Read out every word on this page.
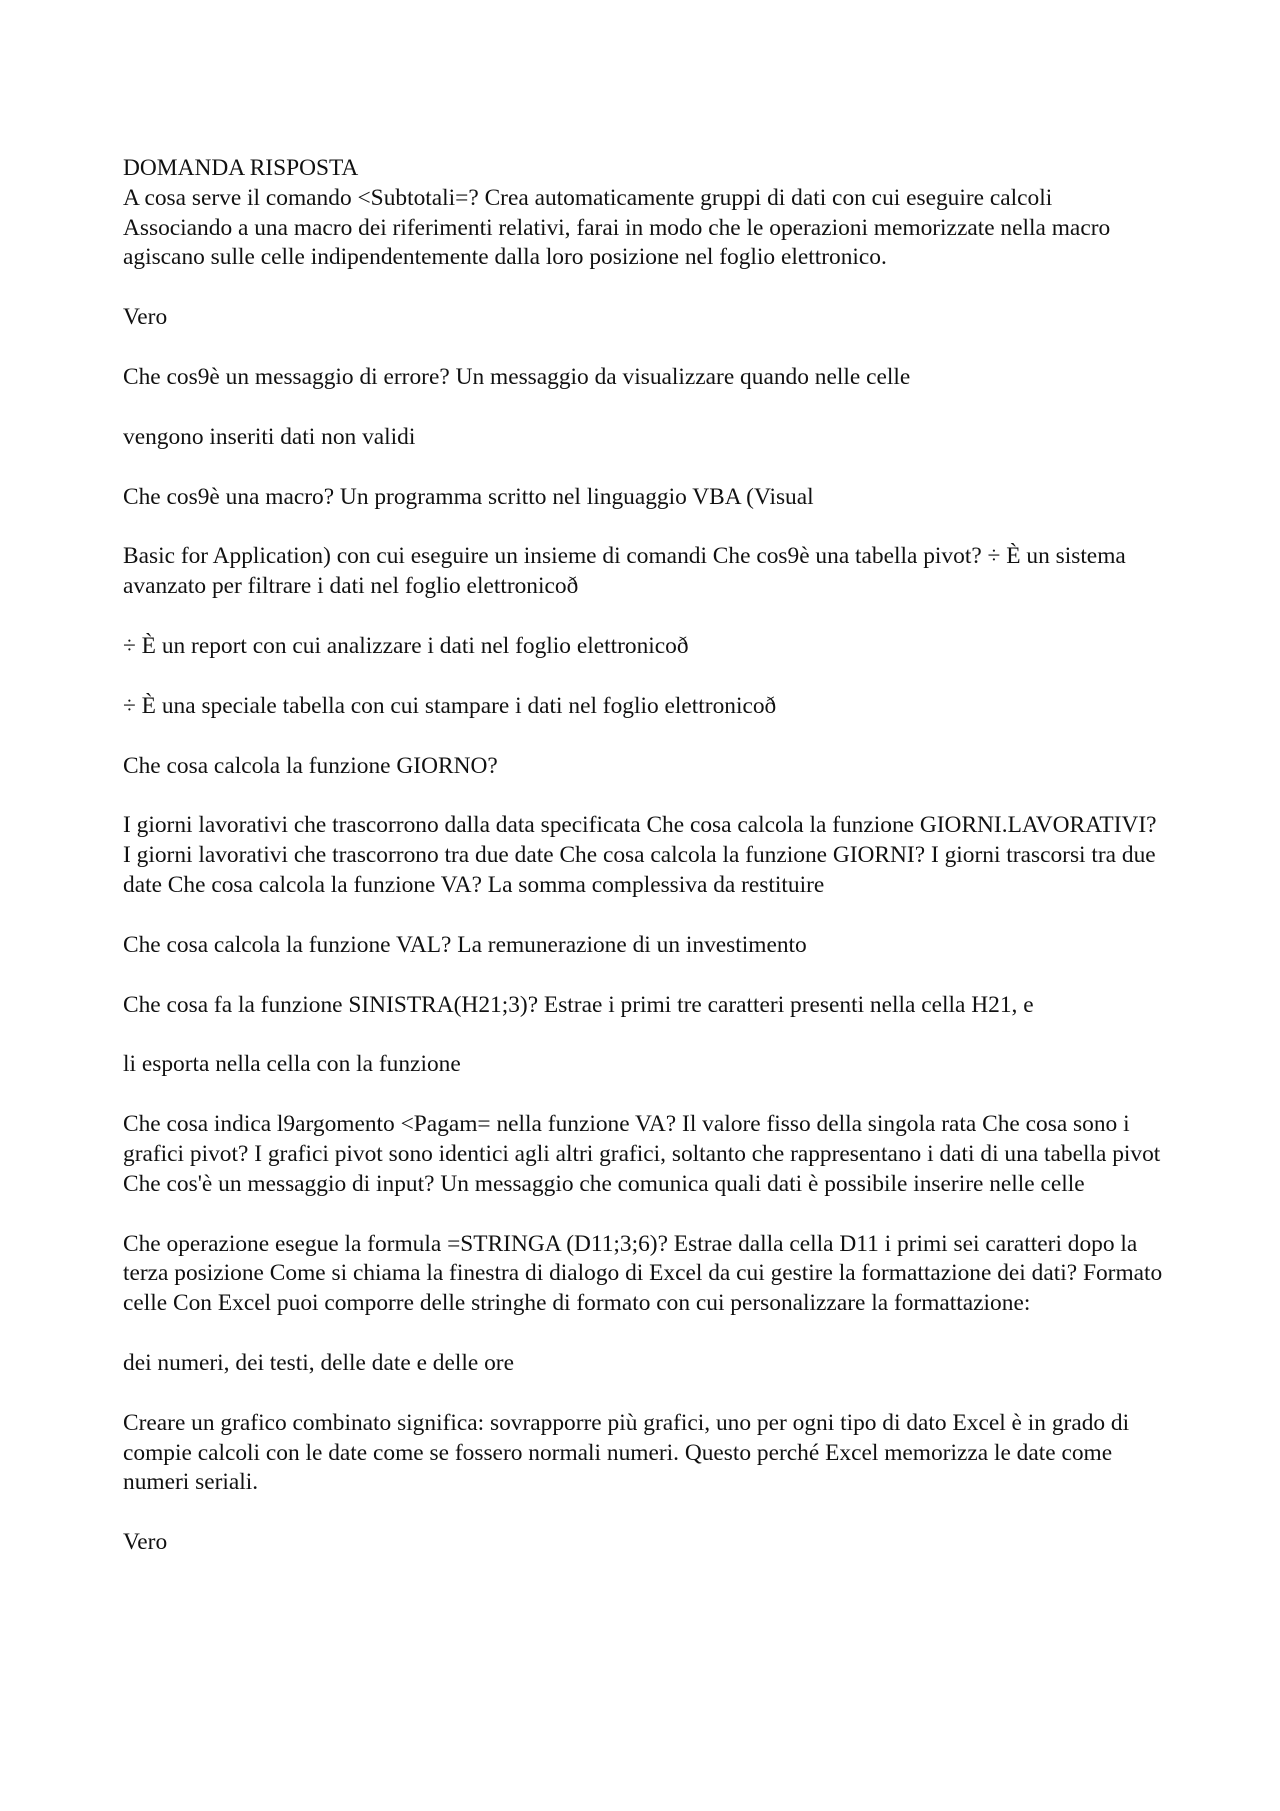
DOMANDA RISPOSTA

A cosa serve il comando <Subtotali=? Crea automaticamente gruppi di dati con cui eseguire calcoli Associando a una macro dei riferimenti relativi, farai in modo che le operazioni memorizzate nella macro agiscano sulle celle indipendentemente dalla loro posizione nel foglio elettronico.

Vero

Che cos9è un messaggio di errore? Un messaggio da visualizzare quando nelle celle

vengono inseriti dati non validi

Che cos9è una macro? Un programma scritto nel linguaggio VBA (Visual

Basic for Application) con cui eseguire un insieme di comandi Che cos9è una tabella pivot? ÷ È un sistema avanzato per filtrare i dati nel foglio elettronicoð

÷ È un report con cui analizzare i dati nel foglio elettronicoð

÷ È una speciale tabella con cui stampare i dati nel foglio elettronicoð

Che cosa calcola la funzione GIORNO?

I giorni lavorativi che trascorrono dalla data specificata Che cosa calcola la funzione GIORNI.LAVORATIVI? I giorni lavorativi che trascorrono tra due date Che cosa calcola la funzione GIORNI? I giorni trascorsi tra due date Che cosa calcola la funzione VA? La somma complessiva da restituire

Che cosa calcola la funzione VAL? La remunerazione di un investimento

Che cosa fa la funzione SINISTRA(H21;3)? Estrae i primi tre caratteri presenti nella cella H21, e

li esporta nella cella con la funzione

Che cosa indica l9argomento <Pagam= nella funzione VA? Il valore fisso della singola rata Che cosa sono i grafici pivot? I grafici pivot sono identici agli altri grafici, soltanto che rappresentano i dati di una tabella pivot Che cos'è un messaggio di input? Un messaggio che comunica quali dati è possibile inserire nelle celle

Che operazione esegue la formula =STRINGA (D11;3;6)? Estrae dalla cella D11 i primi sei caratteri dopo la terza posizione Come si chiama la finestra di dialogo di Excel da cui gestire la formattazione dei dati? Formato celle Con Excel puoi comporre delle stringhe di formato con cui personalizzare la formattazione:

dei numeri, dei testi, delle date e delle ore

Creare un grafico combinato significa: sovrapporre più grafici, uno per ogni tipo di dato Excel è in grado di compie calcoli con le date come se fossero normali numeri. Questo perché Excel memorizza le date come numeri seriali.

Vero
